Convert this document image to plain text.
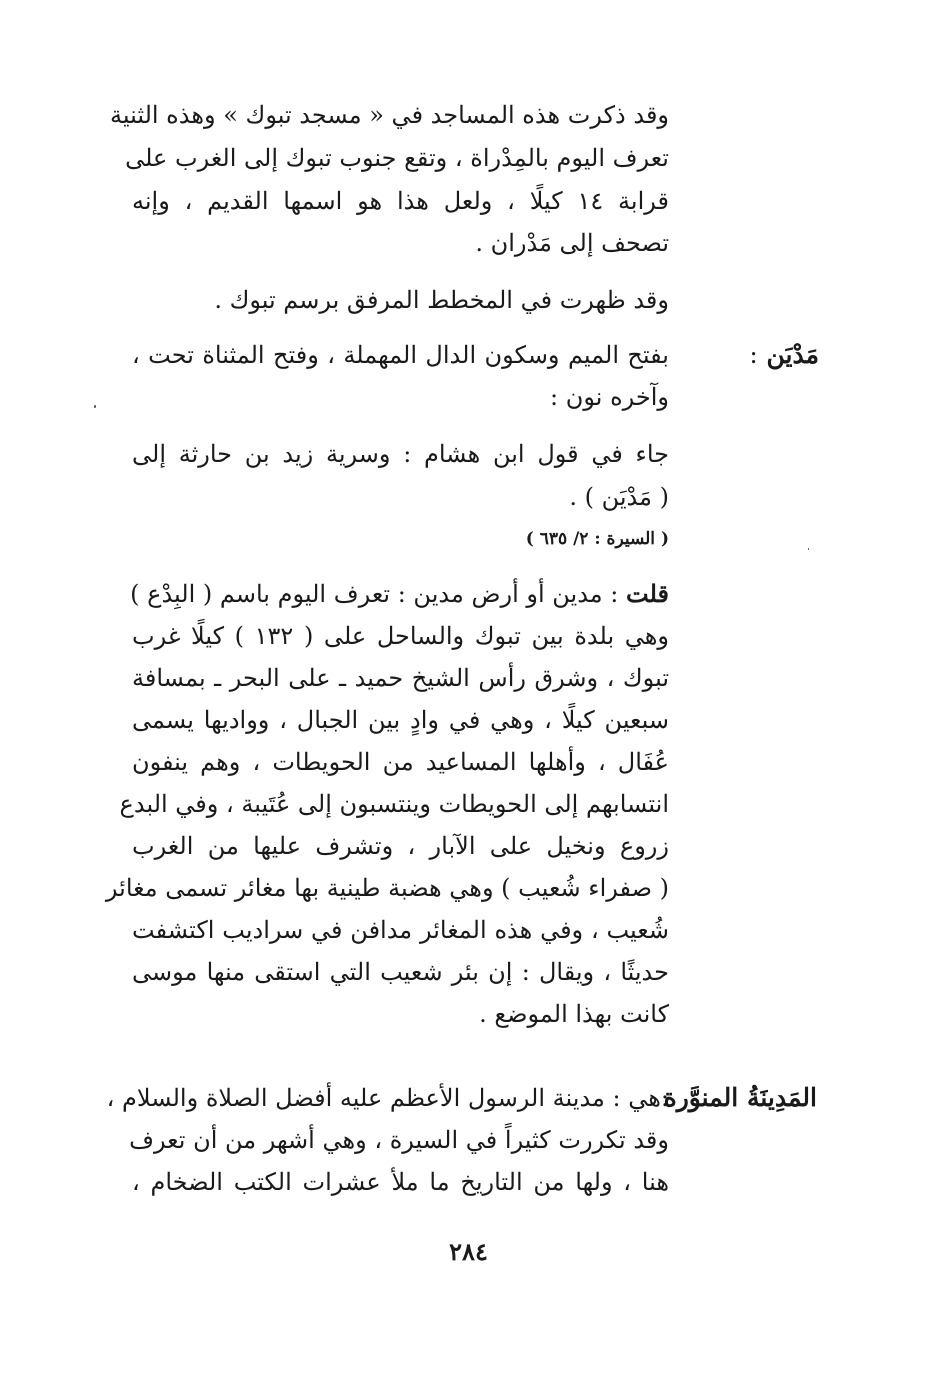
وقد ذكرت هذه المساجد في « مسجد تبوك » وهذه الثنية
تعرف اليوم بالمِدْراة ، وتقع جنوب تبوك إلى الغرب على
قرابة ١٤ كيلًا ، ولعل هذا هو اسمها القديم ، وإنه
تصحف إلى مَدْران .
وقد ظهرت في المخطط المرفق برسم تبوك .
مَدْيَن :
بفتح الميم وسكون الدال المهملة ، وفتح المثناة تحت ،
وآخره نون :
جاء في قول ابن هشام : وسرية زيد بن حارثة إلى
( مَدْيَن ) .
( السيرة : ٢/ ٦٣٥ )
قلت : مدين أو أرض مدين : تعرف اليوم باسم ( البِدْع )
وهي بلدة بين تبوك والساحل على ( ١٣٢ ) كيلًا غرب
تبوك ، وشرق رأس الشيخ حميد ـ على البحر ـ بمسافة
سبعين كيلًا ، وهي في وادٍ بين الجبال ، وواديها يسمى
عُفَال ، وأهلها المساعيد من الحويطات ، وهم ينفون
انتسابهم إلى الحويطات وينتسبون إلى عُتَيبة ، وفي البدع
زروع ونخيل على الآبار ، وتشرف عليها من الغرب
( صفراء شُعيب ) وهي هضبة طينية بها مغائر تسمى مغائر
شُعيب ، وفي هذه المغائر مدافن في سراديب اكتشفت
حديثًا ، ويقال : إن بئر شعيب التي استقى منها موسى
كانت بهذا الموضع .
المَدِينَةُ المنوَّرة
:هي : مدينة الرسول الأعظم عليه أفضل الصلاة والسلام ،
وقد تكررت كثيراً في السيرة ، وهي أشهر من أن تعرف
هنا ، ولها من التاريخ ما ملأ عشرات الكتب الضخام ،
٢٨٤
